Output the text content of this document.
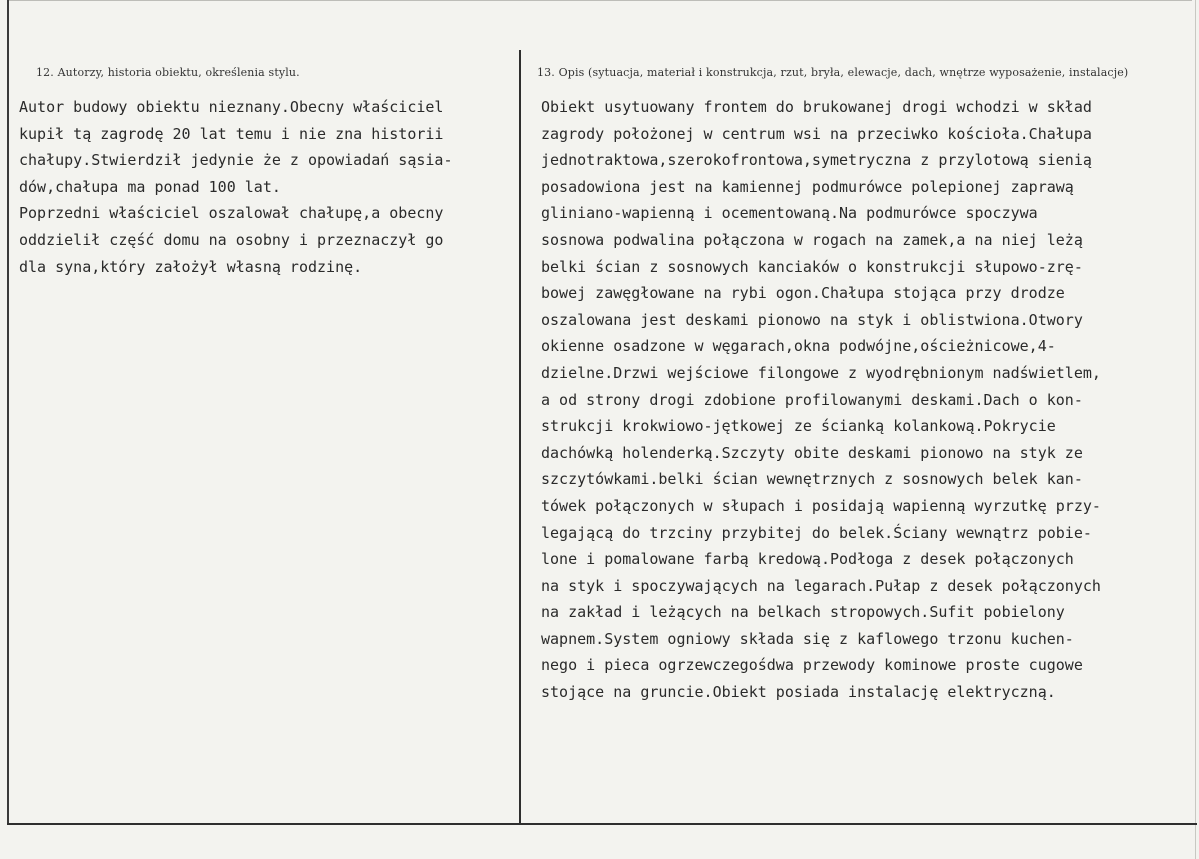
12. Autorzy, historia obiektu, określenia stylu.	13. Opis (sytuacja, materiał i konstrukcja, rzut, bryła, elewacje, dach, wnętrze wyposażenie, instalacje)
Autor budowy obiektu nieznany.Obecny właściciel
kupił tą zagrodę 20 lat temu i nie zna historii
chałupy.Stwierdził jedynie że z opowiadań sąsia-
dów,chałupa ma ponad 100 lat.
Poprzedni właściciel oszalował chałupę,a obecny
oddzielił część domu na osobny i przeznaczył go
dla syna,który założył własną rodzinę.
Obiekt usytuowany frontem do brukowanej drogi wchodzi w skład
zagrody położonej w centrum wsi na przeciwko kościoła.Chałupa
jednotraktowa,szerokofrontowa,symetryczna z przylotową sienią
posadowiona jest na kamiennej podmurówce polepionej zaprawą
gliniano-wapienną i ocementowaną.Na podmurówce spoczywa
sosnowa podwalina połączona w rogach na zamek,a na niej leżą
belki ścian z sosnowych kanciaków o konstrukcji słupowo-zrę-
bowej zawęgłowane na rybi ogon.Chałupa stojąca przy drodze
oszalowana jest deskami pionowo na styk i oblistwiona.Otwory
okienne osadzone w węgarach,okna podwójne,ościeżnicowe,4-
dzielne.Drzwi wejściowe filongowe z wyodrębnionym nadświetlem,
a od strony drogi zdobione profilowanymi deskami.Dach o kon-
strukcji krokwiowo-jętkowej ze ścianką kolankową.Pokrycie
dachówką holenderką.Szczyty obite deskami pionowo na styk ze
szczytówkami.belki ścian wewnętrznych z sosnowych belek kan-
tówek połączonych w słupach i posidają wapienną wyrzutkę przy-
legającą do trzciny przybitej do belek.Ściany wewnątrz pobie-
lone i pomalowane farbą kredową.Podłoga z desek połączonych
na styk i spoczywających na legarach.Pułap z desek połączonych
na zakład i leżących na belkach stropowych.Sufit pobielony
wapnem.System ogniowy składa się z kaflowego trzonu kuchen-
nego i pieca ogrzewczegośdwa przewody kominowe proste cugowe
stojące na gruncie.Obiekt posiada instalację elektryczną.
